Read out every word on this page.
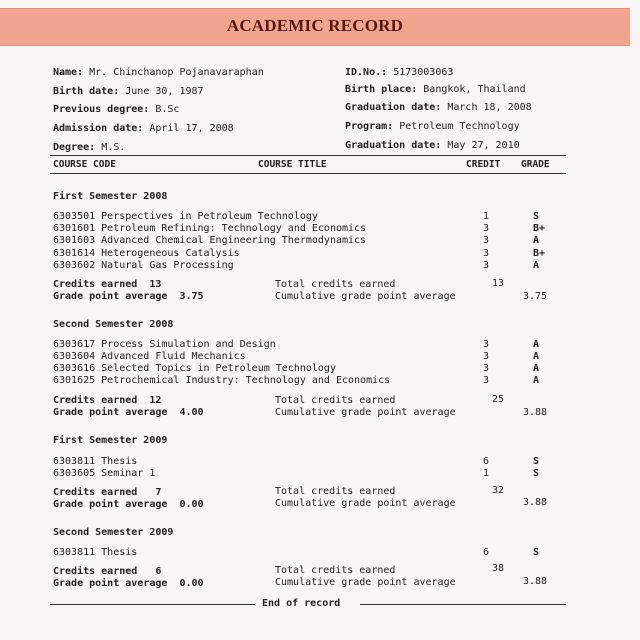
ACADEMIC RECORD
Name: Mr. Chinchanop Pojanavaraphan	ID.No.: 5173003063
Birth date: June 30, 1987	Birth place: Bangkok, Thailand
Previous degree: B.Sc	Graduation date: March 18, 2008
Admission date: April 17, 2008	Program: Petroleum Technology
Degree: M.S.	Graduation date: May 27, 2010
COURSE CODE	COURSE TITLE	CREDIT GRADE
First Semester 2008
6303501 Perspectives in Petroleum Technology	1	S
6301601 Petroleum Refining: Technology and Economics	3	B+
6301603 Advanced Chemical Engineering Thermodynamics	3	A
6301614 Heterogeneous Catalysis	3	B+
6303602 Natural Gas Processing	3	A
Credits earned 13
Grade point average 3.75
Total credits earned	13
Cumulative grade point average	3.75
Second Semester 2008
6303617 Process Simulation and Design	3	A
6303604 Advanced Fluid Mechanics	3	A
6303616 Selected Topics in Petroleum Technology	3	A
6301625 Petrochemical Industry: Technology and Economics	3	A
Credits earned 12
Grade point average 4.00
Total credits earned	25
Cumulative grade point average	3.88
First Semester 2009
6303811 Thesis	6	S
6303605 Seminar 1	1	S
Credits earned 7
Grade point average 0.00
Total credits earned	32
Cumulative grade point average	3.88
Second Semester 2009
6303811 Thesis	6	S
Credits earned 6
Grade point average 0.00
Total credits earned	38
Cumulative grade point average	3.88
End of record
